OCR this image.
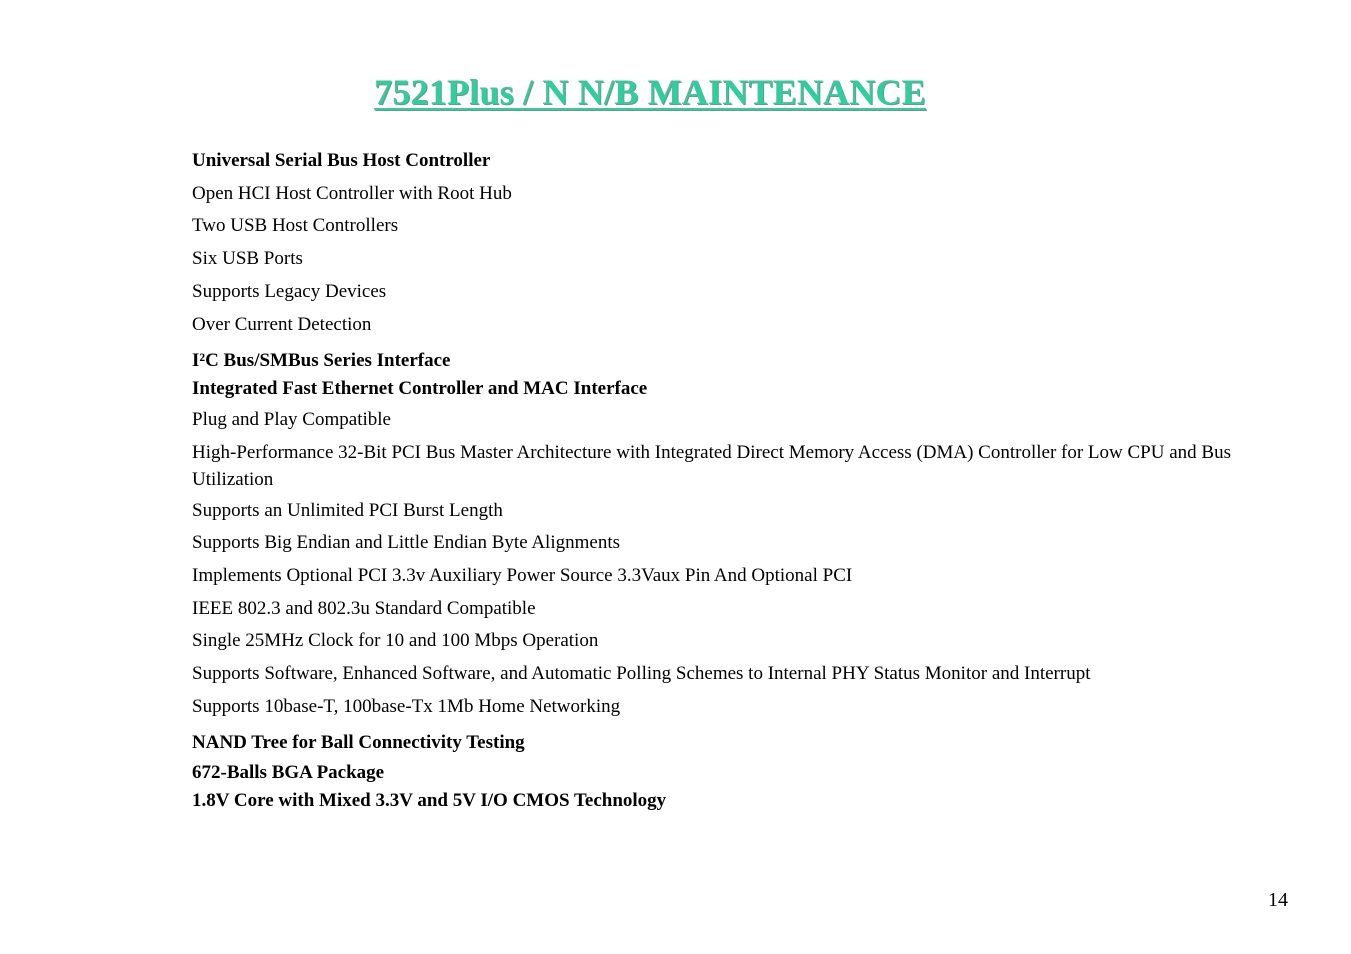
7521Plus / N N/B MAINTENANCE
Universal Serial Bus Host Controller
Open HCI Host Controller with Root Hub
Two USB Host Controllers
Six USB Ports
Supports Legacy Devices
Over Current Detection
I²C Bus/SMBus Series Interface
Integrated Fast Ethernet Controller and MAC Interface
Plug and Play Compatible
High-Performance 32-Bit PCI Bus Master Architecture with Integrated Direct Memory Access (DMA) Controller for Low CPU and Bus Utilization
Supports an Unlimited PCI Burst Length
Supports Big Endian and Little Endian Byte Alignments
Implements Optional PCI 3.3v Auxiliary Power Source 3.3Vaux Pin And Optional PCI
IEEE 802.3 and 802.3u Standard Compatible
Single 25MHz Clock for 10 and 100 Mbps Operation
Supports Software, Enhanced Software, and Automatic Polling Schemes to Internal PHY Status Monitor and Interrupt
Supports 10base-T, 100base-Tx 1Mb Home Networking
NAND Tree for Ball Connectivity Testing
672-Balls BGA Package
1.8V Core with Mixed 3.3V and 5V I/O CMOS Technology
14
